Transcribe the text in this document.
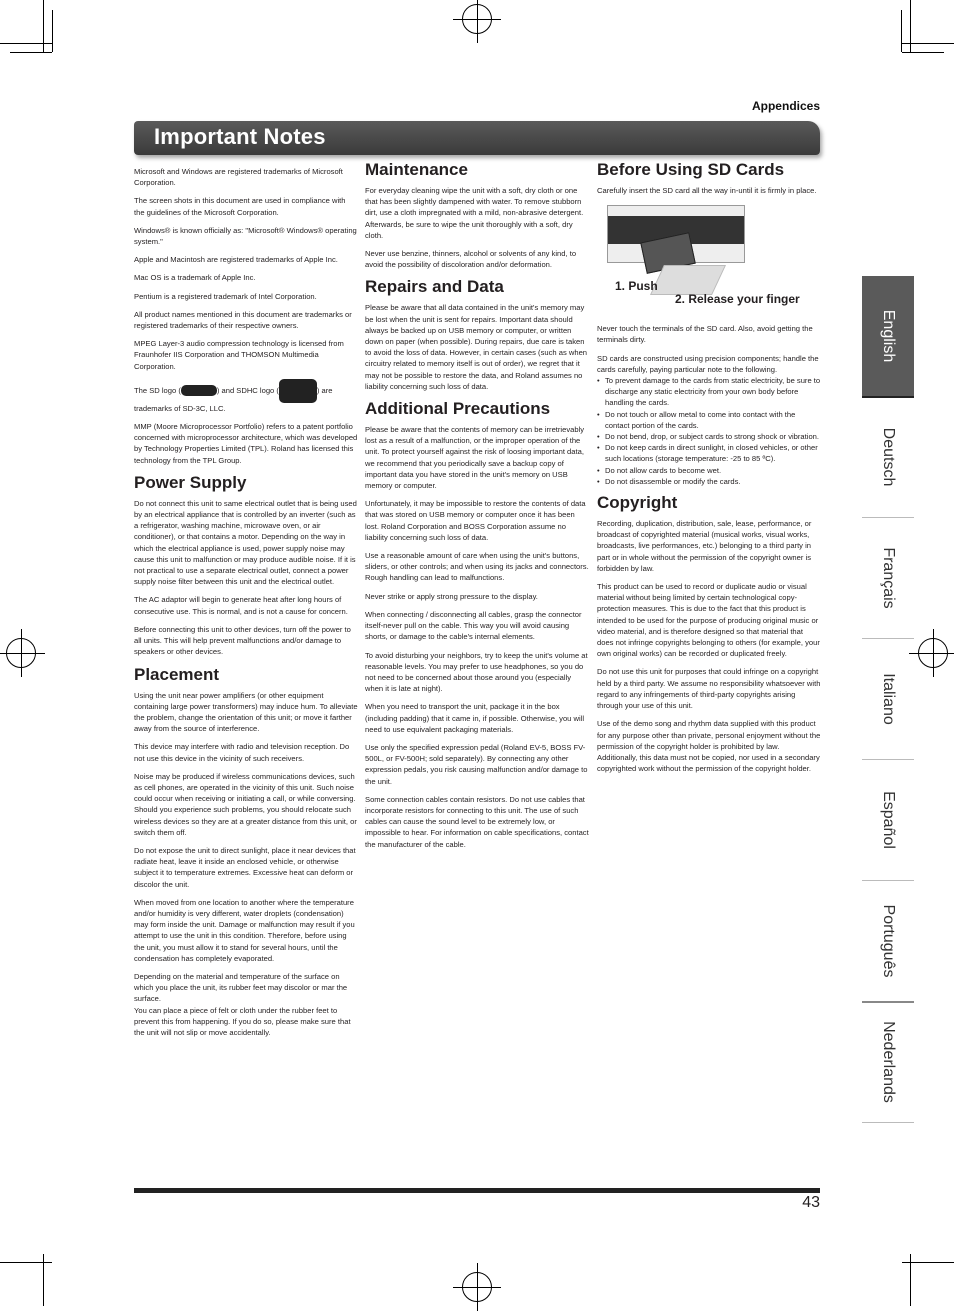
Appendices
Important Notes

Microsoft and Windows are registered trademarks of Microsoft Corporation.

The screen shots in this document are used in compliance with the guidelines of the Microsoft Corporation.

Windows® is known officially as: "Microsoft® Windows® operating system."

Apple and Macintosh are registered trademarks of Apple Inc.

Mac OS is a trademark of Apple Inc.

Pentium is a registered trademark of Intel Corporation.

All product names mentioned in this document are trademarks or registered trademarks of their respective owners.

MPEG Layer-3 audio compression technology is licensed from Fraunhofer IIS Corporation and THOMSON Multimedia Corporation.

The SD logo (	) and SDHC logo (	) are trademarks of SD-3C, LLC.

MMP (Moore Microprocessor Portfolio) refers to a patent portfolio concerned with microprocessor architecture, which was developed by Technology Properties Limited (TPL). Roland has licensed this technology from the TPL Group.

Power Supply

Do not connect this unit to same electrical outlet that is being used by an electrical appliance that is controlled by an inverter (such as a refrigerator, washing machine, microwave oven, or air conditioner), or that contains a motor. Depending on the way in which the electrical appliance is used, power supply noise may cause this unit to malfunction or may produce audible noise. If it is not practical to use a separate electrical outlet, connect a power supply noise filter between this unit and the electrical outlet.

The AC adaptor will begin to generate heat after long hours of consecutive use. This is normal, and is not a cause for concern.

Before connecting this unit to other devices, turn off the power to all units. This will help prevent malfunctions and/or damage to speakers or other devices.

Placement

Using the unit near power amplifiers (or other equipment containing large power transformers) may induce hum. To alleviate the problem, change the orientation of this unit; or move it farther away from the source of interference.

This device may interfere with radio and television reception. Do not use this device in the vicinity of such receivers.

Noise may be produced if wireless communications devices, such as cell phones, are operated in the vicinity of this unit. Such noise could occur when receiving or initiating a call, or while conversing. Should you experience such problems, you should relocate such wireless devices so they are at a greater distance from this unit, or switch them off.

Do not expose the unit to direct sunlight, place it near devices that radiate heat, leave it inside an enclosed vehicle, or otherwise subject it to temperature extremes. Excessive heat can deform or discolor the unit.

When moved from one location to another where the temperature and/or humidity is very different, water droplets (condensation) may form inside the unit. Damage or malfunction may result if you attempt to use the unit in this condition. Therefore, before using the unit, you must allow it to stand for several hours, until the condensation has completely evaporated.

Depending on the material and temperature of the surface on which you place the unit, its rubber feet may discolor or mar the surface.

You can place a piece of felt or cloth under the rubber feet to prevent this from happening. If you do so, please make sure that the unit will not slip or move accidentally.

Maintenance

For everyday cleaning wipe the unit with a soft, dry cloth or one that has been slightly dampened with water. To remove stubborn dirt, use a cloth impregnated with a mild, non-abrasive detergent. Afterwards, be sure to wipe the unit thoroughly with a soft, dry cloth.

Never use benzine, thinners, alcohol or solvents of any kind, to avoid the possibility of discoloration and/or deformation.

Repairs and Data

Please be aware that all data contained in the unit's memory may be lost when the unit is sent for repairs. Important data should always be backed up on USB memory or computer, or written down on paper (when possible). During repairs, due care is taken to avoid the loss of data. However, in certain cases (such as when circuitry related to memory itself is out of order), we regret that it may not be possible to restore the data, and Roland assumes no liability concerning such loss of data.

Additional Precautions

Please be aware that the contents of memory can be irretrievably lost as a result of a malfunction, or the improper operation of the unit. To protect yourself against the risk of loosing important data, we recommend that you periodically save a backup copy of important data you have stored in the unit's memory on USB memory or computer.

Unfortunately, it may be impossible to restore the contents of data that was stored on USB memory or computer once it has been lost. Roland Corporation and BOSS Corporation assume no liability concerning such loss of data.

Use a reasonable amount of care when using the unit's buttons, sliders, or other controls; and when using its jacks and connectors. Rough handling can lead to malfunctions.

Never strike or apply strong pressure to the display.

When connecting / disconnecting all cables, grasp the connector itself-never pull on the cable. This way you will avoid causing shorts, or damage to the cable's internal elements.

To avoid disturbing your neighbors, try to keep the unit's volume at reasonable levels. You may prefer to use headphones, so you do not need to be concerned about those around you (especially when it is late at night).

When you need to transport the unit, package it in the box (including padding) that it came in, if possible. Otherwise, you will need to use equivalent packaging materials.

Use only the specified expression pedal (Roland EV-5, BOSS FV-500L, or FV-500H; sold separately). By connecting any other expression pedals, you risk causing malfunction and/or damage to the unit.

Some connection cables contain resistors. Do not use cables that incorporate resistors for connecting to this unit. The use of such cables can cause the sound level to be extremely low, or impossible to hear. For information on cable specifications, contact the manufacturer of the cable.

Before Using SD Cards

Carefully insert the SD card all the way in-until it is firmly in place.

1. Push
2. Release your finger

Never touch the terminals of the SD card. Also, avoid getting the terminals dirty.

SD cards are constructed using precision components; handle the cards carefully, paying particular note to the following.

• To prevent damage to the cards from static electricity, be sure to discharge any static electricity from your own body before handling the cards.
• Do not touch or allow metal to come into contact with the contact portion of the cards.
• Do not bend, drop, or subject cards to strong shock or vibration.
• Do not keep cards in direct sunlight, in closed vehicles, or other such locations (storage temperature: -25 to 85 ºC).
• Do not allow cards to become wet.
• Do not disassemble or modify the cards.
Copyright

Recording, duplication, distribution, sale, lease, performance, or broadcast of copyrighted material (musical works, visual works, broadcasts, live performances, etc.) belonging to a third party in part or in whole without the permission of the copyright owner is forbidden by law.

This product can be used to record or duplicate audio or visual material without being limited by certain technological copy-protection measures. This is due to the fact that this product is intended to be used for the purpose of producing original music or video material, and is therefore designed so that material that does not infringe copyrights belonging to others (for example, your own original works) can be recorded or duplicated freely.

Do not use this unit for purposes that could infringe on a copyright held by a third party. We assume no responsibility whatsoever with regard to any infringements of third-party copyrights arising through your use of this unit.

Use of the demo song and rhythm data supplied with this product for any purpose other than private, personal enjoyment without the permission of the copyright holder is prohibited by law. Additionally, this data must not be copied, nor used in a secondary copyrighted work without the permission of the copyright holder.

English
Deutsch
Français
Italiano
Español
Português
Nederlands
43
